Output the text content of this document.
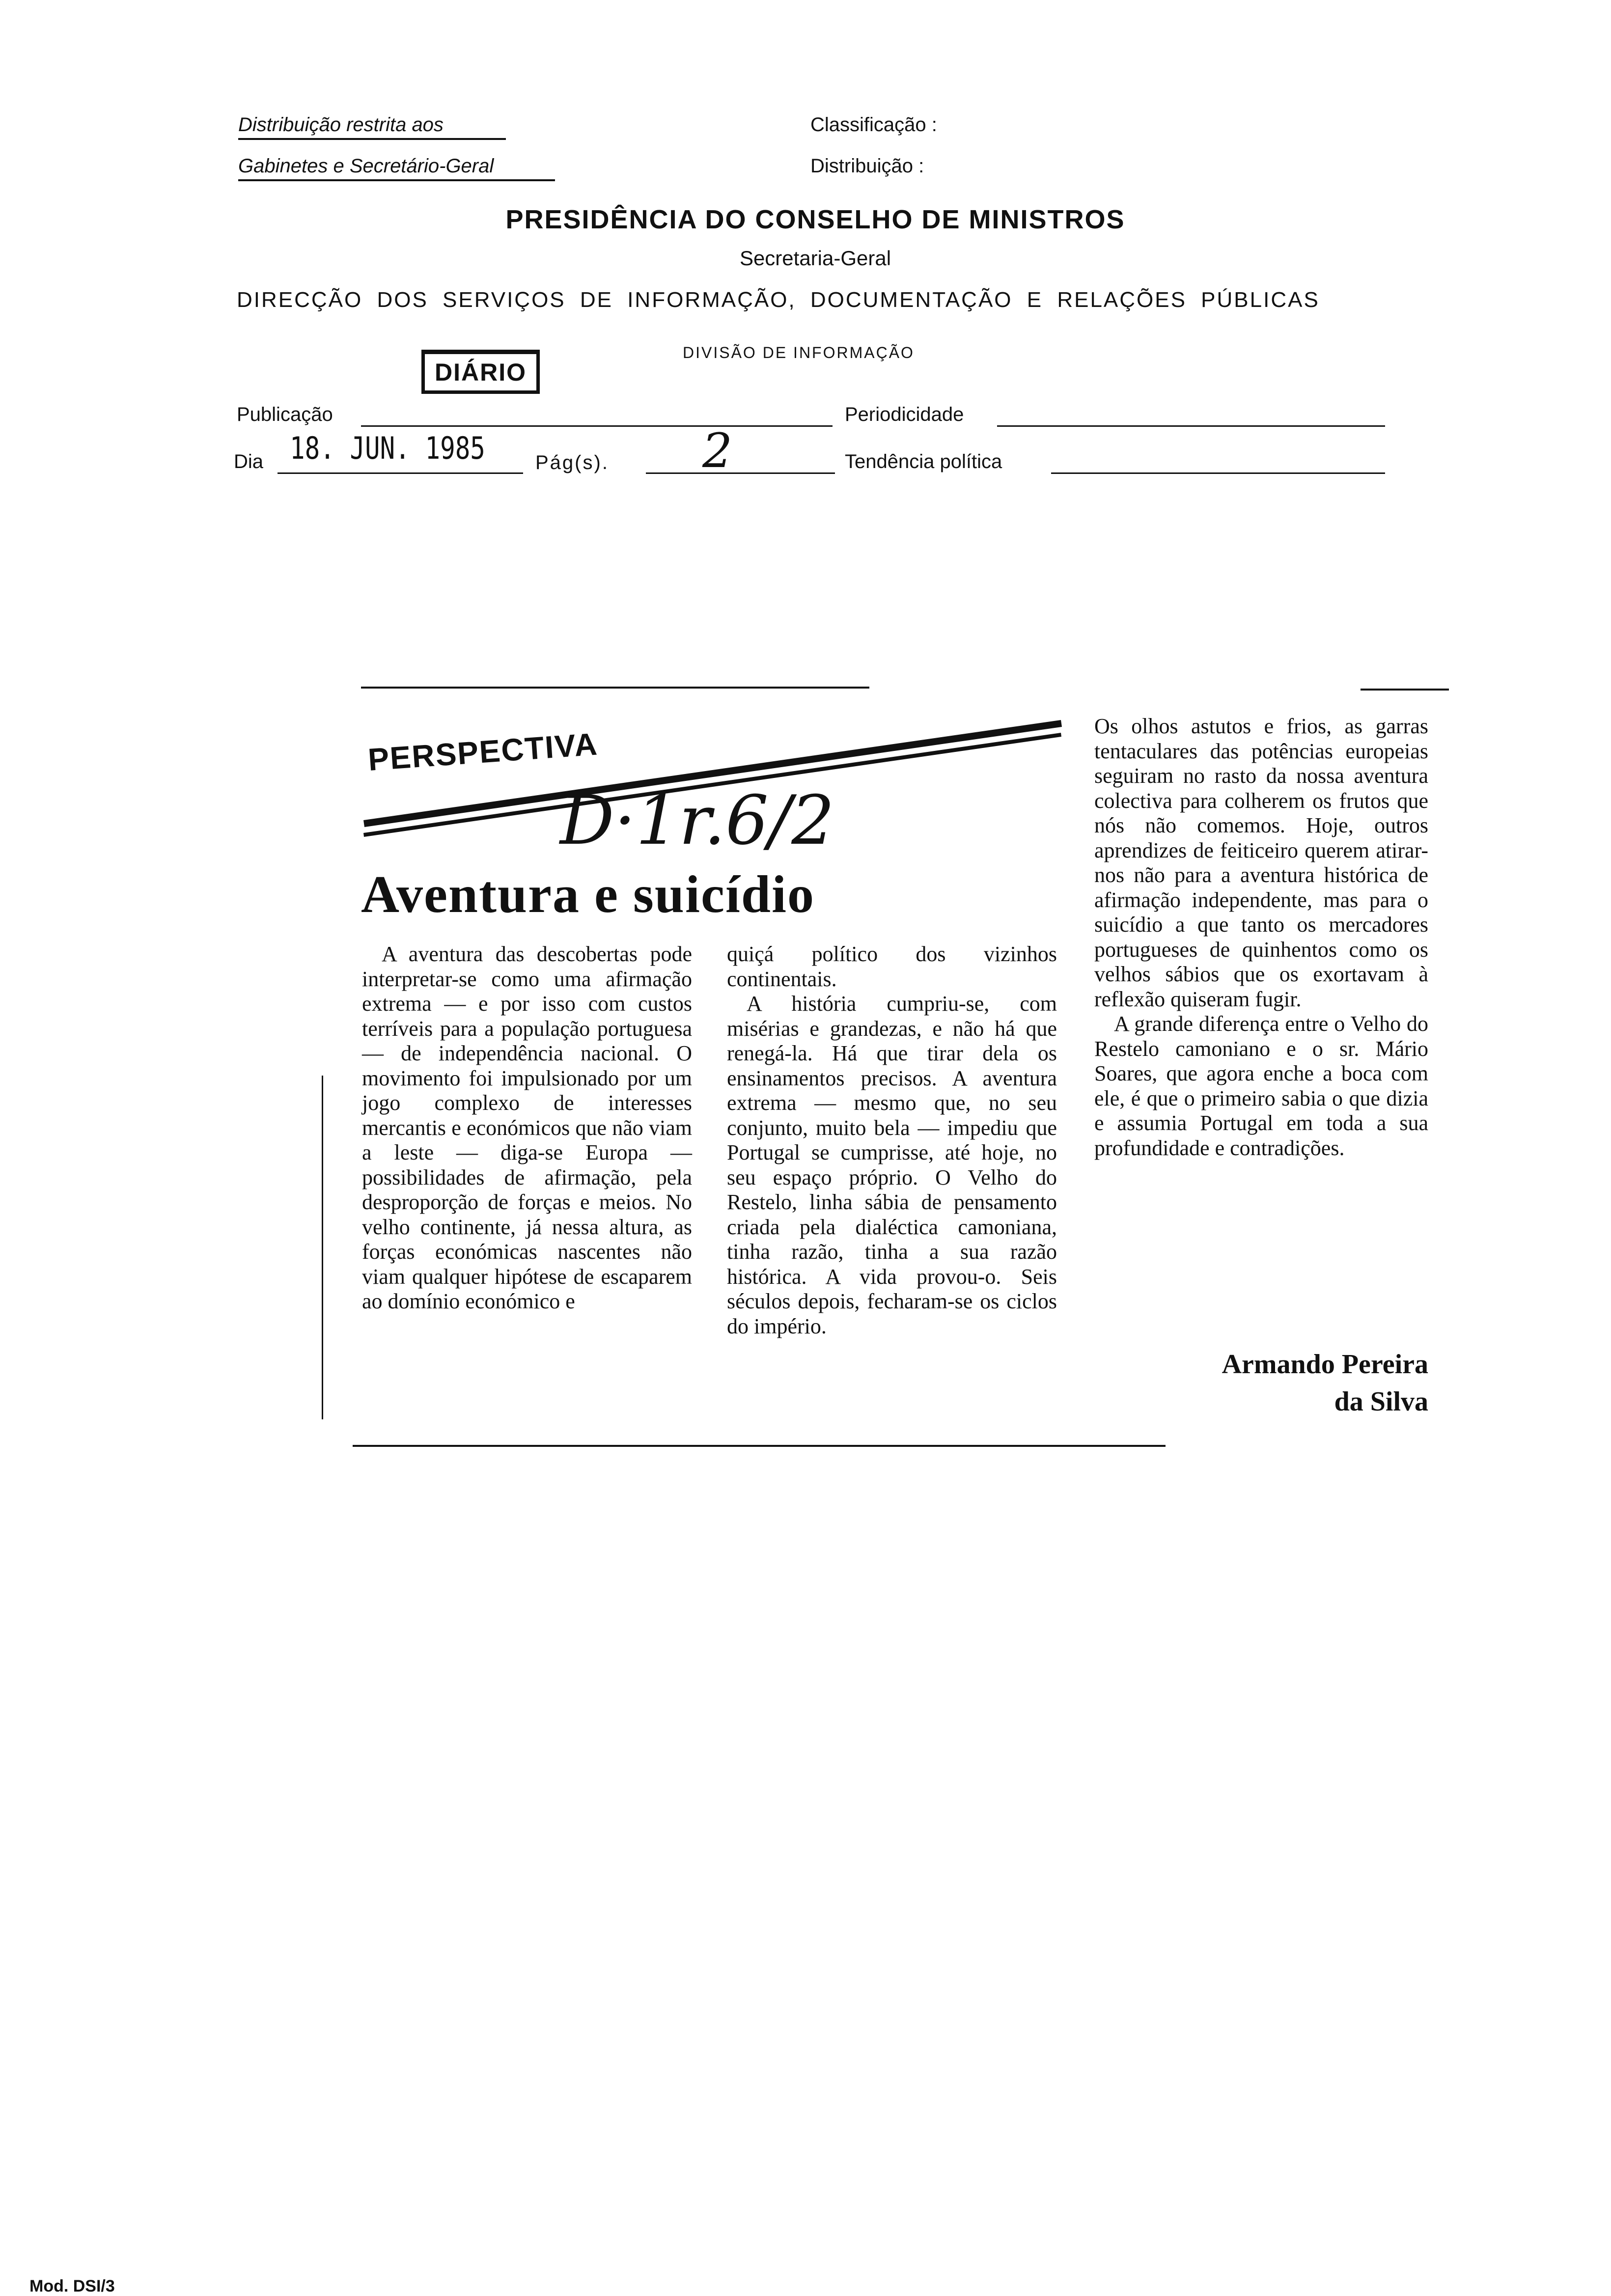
Distribuição restrita aos
Gabinetes e Secretário-Geral
Classificação :
Distribuição :
PRESIDÊNCIA DO CONSELHO DE MINISTROS
Secretaria-Geral
DIRECÇÃO DOS SERVIÇOS DE INFORMAÇÃO, DOCUMENTAÇÃO E RELAÇÕES PÚBLICAS
DIVISÃO DE INFORMAÇÃO
DIÁRIO
Publicação	Periodicidade
Dia 18. JUN. 1985	Pág(s). 2	Tendência política
PERSPECTIVA
D·1r.6/2
Aventura e suicídio

A aventura das descobertas pode interpretar-se como uma afirmação extrema — e por isso com custos terríveis para a população portuguesa — de independência nacional. O movimento foi impulsionado por um jogo complexo de interesses mercantis e económicos que não viam a leste — diga-se Europa — possibilidades de afirmação, pela desproporção de forças e meios. No velho continente, já nessa altura, as forças económicas nascentes não viam qualquer hipótese de escaparem ao domínio económico e

quiçá político dos vizinhos continentais.

A história cumpriu-se, com misérias e grandezas, e não há que renegá-la. Há que tirar dela os ensinamentos precisos. A aventura extrema — mesmo que, no seu conjunto, muito bela — impediu que Portugal se cumprisse, até hoje, no seu espaço próprio. O Velho do Restelo, linha sábia de pensamento criada pela dialéctica camoniana, tinha razão, tinha a sua razão histórica. A vida provou-o. Seis séculos depois, fecharam-se os ciclos do império.

Os olhos astutos e frios, as garras tentaculares das potências europeias seguiram no rasto da nossa aventura colectiva para colherem os frutos que nós não comemos. Hoje, outros aprendizes de feiticeiro querem atirar-nos não para a aventura histórica de afirmação independente, mas para o suicídio a que tanto os mercadores portugueses de quinhentos como os velhos sábios que os exortavam à reflexão quiseram fugir.

A grande diferença entre o Velho do Restelo camoniano e o sr. Mário Soares, que agora enche a boca com ele, é que o primeiro sabia o que dizia e assumia Portugal em toda a sua profundidade e contradições.

Armando Pereira
da Silva
Mod. DSI/3
